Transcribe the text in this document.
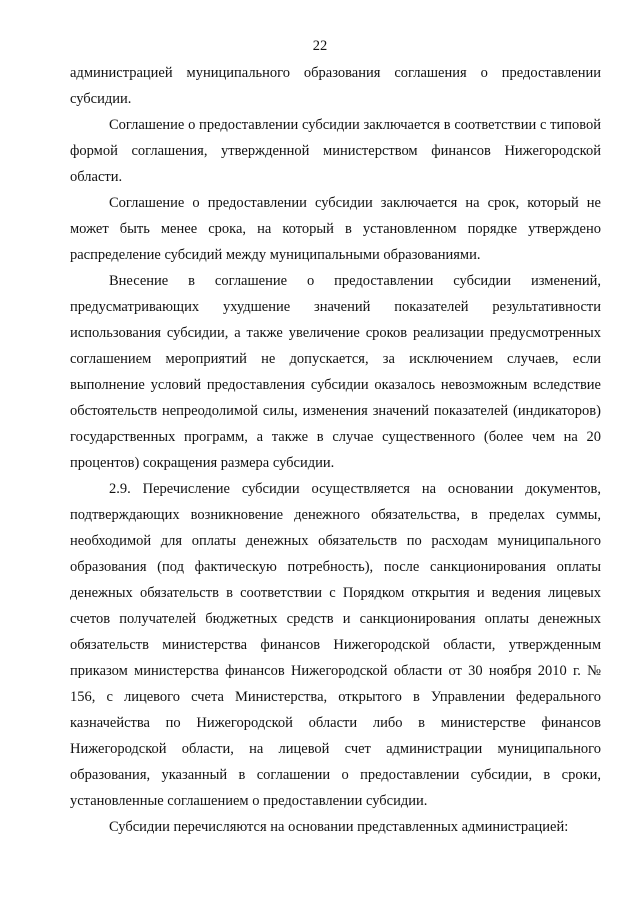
22

администрацией муниципального образования соглашения о предоставлении субсидии.

Соглашение о предоставлении субсидии заключается в соответствии с типовой формой соглашения, утвержденной министерством финансов Нижегородской области.

Соглашение о предоставлении субсидии заключается на срок, который не может быть менее срока, на который в установленном порядке утверждено распределение субсидий между муниципальными образованиями.

Внесение в соглашение о предоставлении субсидии изменений, предусматривающих ухудшение значений показателей результативности использования субсидии, а также увеличение сроков реализации предусмотренных соглашением мероприятий не допускается, за исключением случаев, если выполнение условий предоставления субсидии оказалось невозможным вследствие обстоятельств непреодолимой силы, изменения значений показателей (индикаторов) государственных программ, а также в случае существенного (более чем на 20 процентов) сокращения размера субсидии.

2.9. Перечисление субсидии осуществляется на основании документов, подтверждающих возникновение денежного обязательства, в пределах суммы, необходимой для оплаты денежных обязательств по расходам муниципального образования (под фактическую потребность), после санкционирования оплаты денежных обязательств в соответствии с Порядком открытия и ведения лицевых счетов получателей бюджетных средств и санкционирования оплаты денежных обязательств министерства финансов Нижегородской области, утвержденным приказом министерства финансов Нижегородской области от 30 ноября 2010 г. № 156, с лицевого счета Министерства, открытого в Управлении федерального казначейства по Нижегородской области либо в министерстве финансов Нижегородской области, на лицевой счет администрации муниципального образования, указанный в соглашении о предоставлении субсидии, в сроки, установленные соглашением о предоставлении субсидии.

Субсидии перечисляются на основании представленных администрацией:
